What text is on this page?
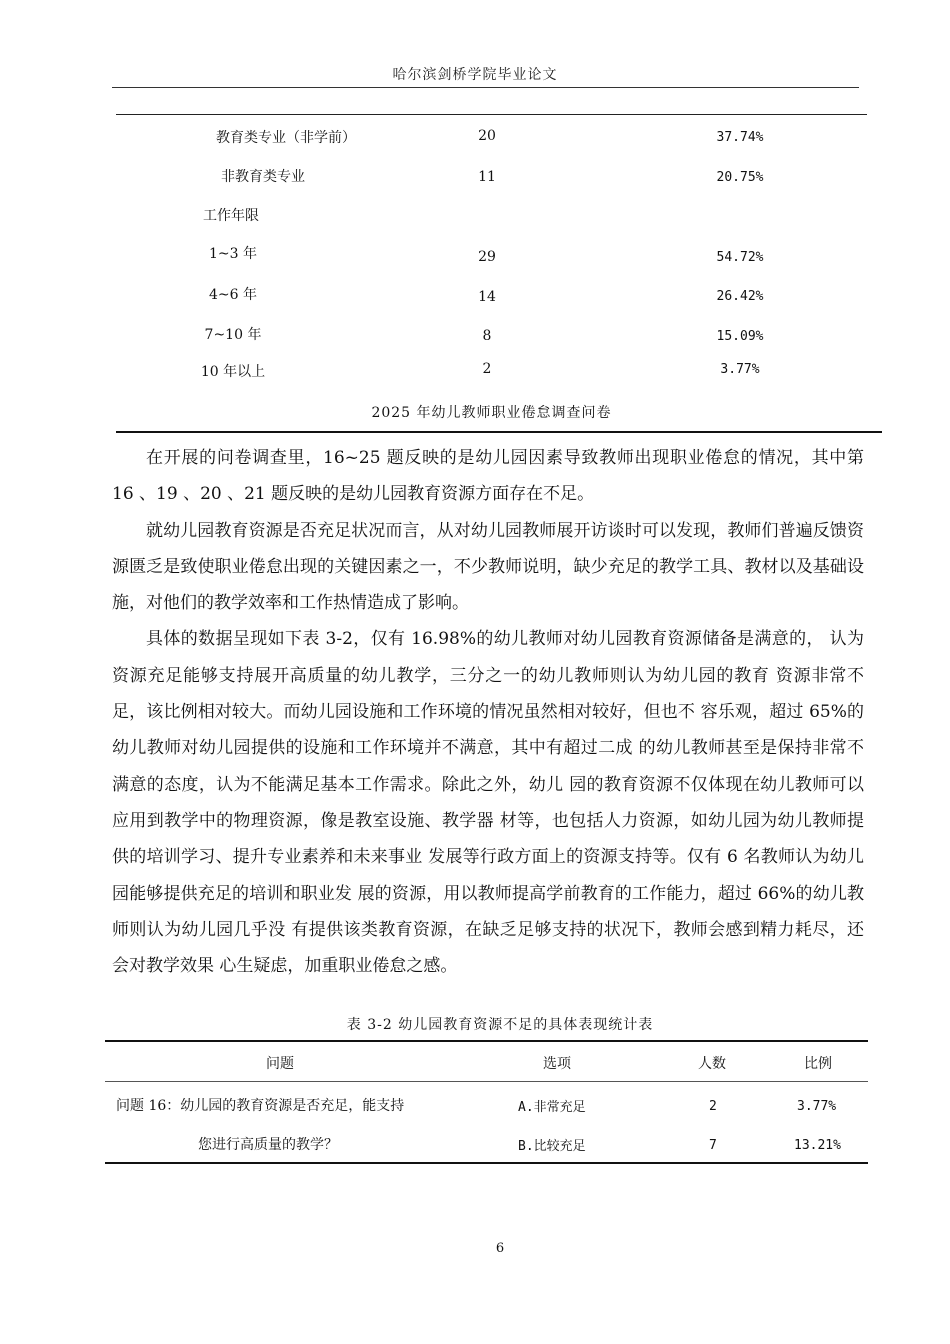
哈尔滨剑桥学院毕业论文
教育类专业（非学前）	20	37.74%
非教育类专业	11	20.75%
工作年限
1~3 年	29	54.72%
4~6 年	14	26.42%
7~10 年	8	15.09%
10 年以上	2	3.77%
2025 年幼儿教师职业倦怠调查问卷

在开展的问卷调查里，16~25 题反映的是幼儿园因素导致教师出现职业倦怠的情况，其中第 16 、19 、20 、21 题反映的是幼儿园教育资源方面存在不足。

就幼儿园教育资源是否充足状况而言，从对幼儿园教师展开访谈时可以发现，教师们普遍反馈资源匮乏是致使职业倦怠出现的关键因素之一，不少教师说明，缺少充足的教学工具、教材以及基础设施，对他们的教学效率和工作热情造成了影响。

具体的数据呈现如下表 3-2，仅有 16.98%的幼儿教师对幼儿园教育资源储备是满意的， 认为资源充足能够支持展开高质量的幼儿教学，三分之一的幼儿教师则认为幼儿园的教育 资源非常不足，该比例相对较大。而幼儿园设施和工作环境的情况虽然相对较好，但也不 容乐观，超过 65%的幼儿教师对幼儿园提供的设施和工作环境并不满意，其中有超过二成 的幼儿教师甚至是保持非常不满意的态度，认为不能满足基本工作需求。除此之外，幼儿 园的教育资源不仅体现在幼儿教师可以应用到教学中的物理资源，像是教室设施、教学器 材等，也包括人力资源，如幼儿园为幼儿教师提供的培训学习、提升专业素养和未来事业 发展等行政方面上的资源支持等。仅有 6 名教师认为幼儿园能够提供充足的培训和职业发 展的资源，用以教师提高学前教育的工作能力，超过 66%的幼儿教师则认为幼儿园几乎没 有提供该类教育资源，在缺乏足够支持的状况下，教师会感到精力耗尽，还会对教学效果 心生疑虑，加重职业倦怠之感。

表 3-2 幼儿园教育资源不足的具体表现统计表
问题	选项	人数	比例
问题 16：幼儿园的教育资源是否充足，能支持
您进行高质量的教学？
A.非常充足	2	3.77%
B.比较充足	7	13.21%
6
